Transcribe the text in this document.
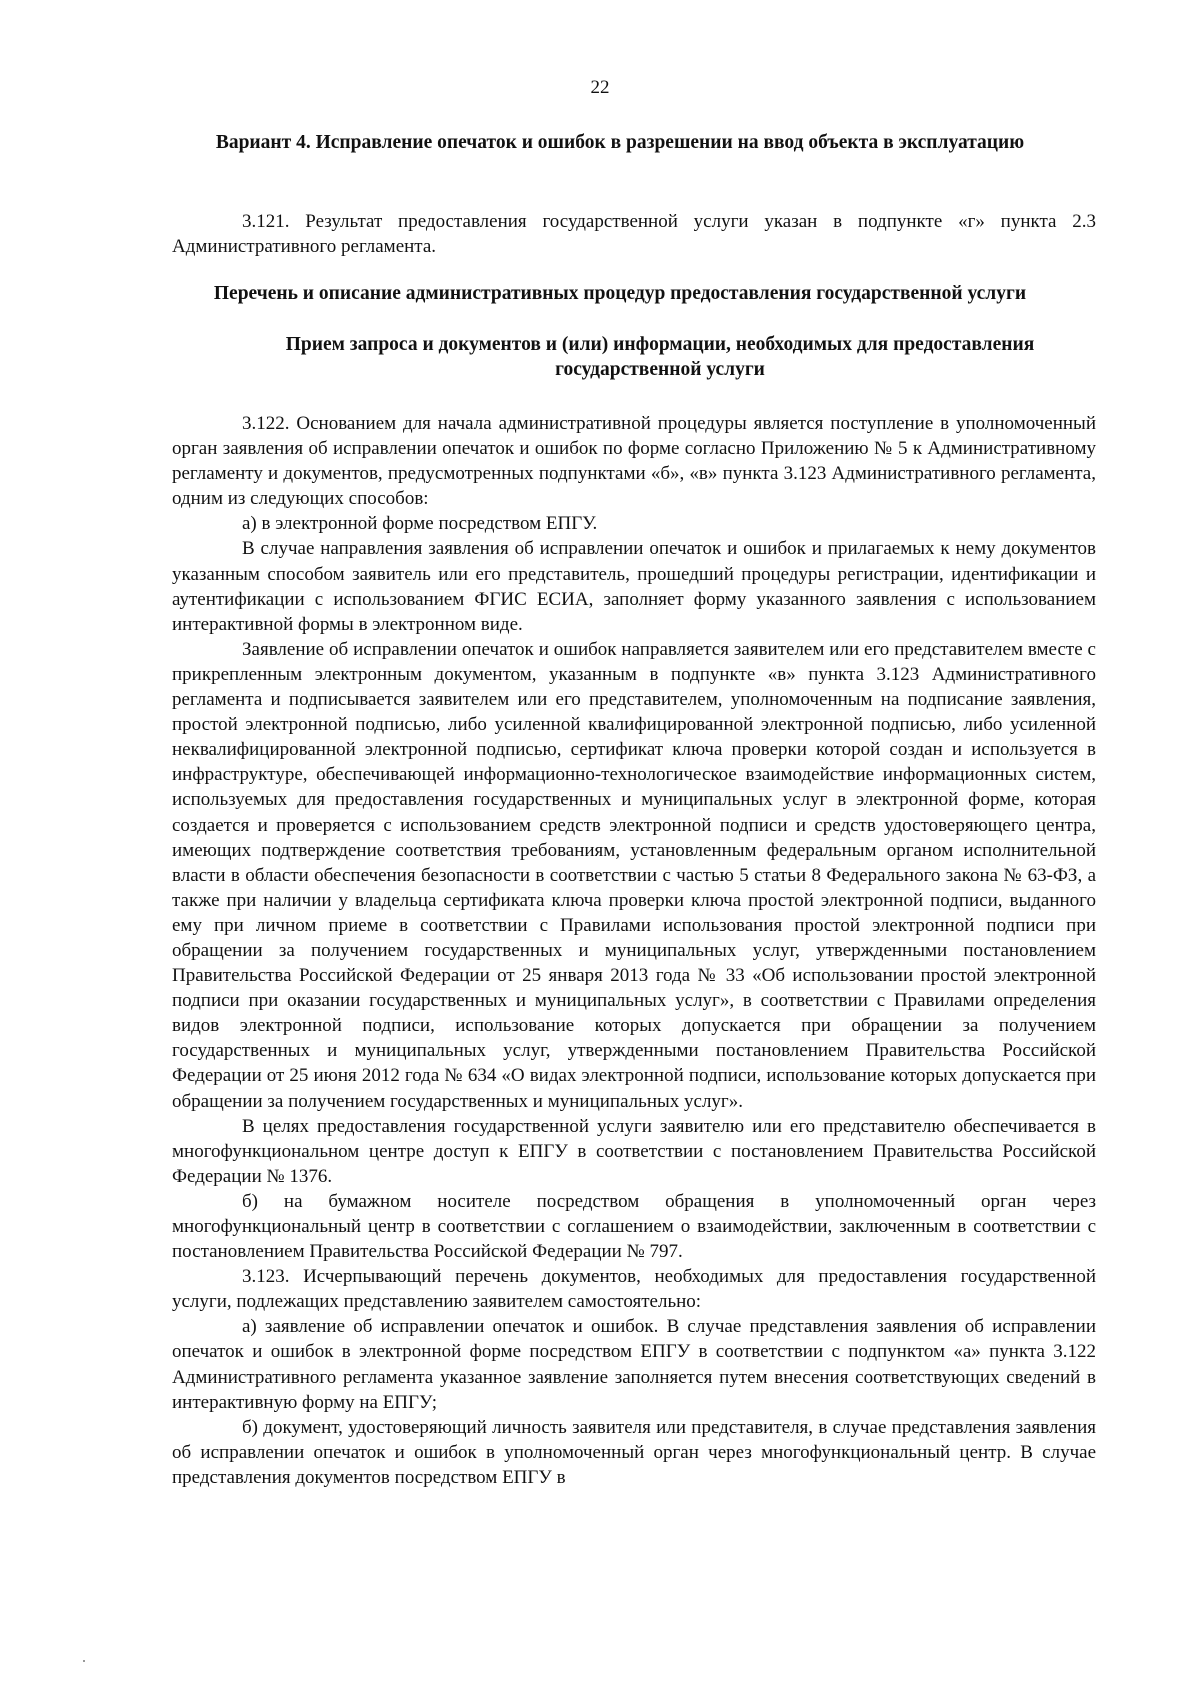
22
Вариант 4. Исправление опечаток и ошибок в разрешении на ввод объекта в эксплуатацию

3.121. Результат предоставления государственной услуги указан в подпункте «г» пункта 2.3 Административного регламента.

Перечень и описание административных процедур предоставления государственной услуги
Прием запроса и документов и (или) информации, необходимых для предоставления государственной услуги

3.122. Основанием для начала административной процедуры является поступление в уполномоченный орган заявления об исправлении опечаток и ошибок по форме согласно Приложению № 5 к Административному регламенту и документов, предусмотренных подпунктами «б», «в» пункта 3.123 Административного регламента, одним из следующих способов:

а) в электронной форме посредством ЕПГУ.

В случае направления заявления об исправлении опечаток и ошибок и прилагаемых к нему документов указанным способом заявитель или его представитель, прошедший процедуры регистрации, идентификации и аутентификации с использованием ФГИС ЕСИА, заполняет форму указанного заявления с использованием интерактивной формы в электронном виде.

Заявление об исправлении опечаток и ошибок направляется заявителем или его представителем вместе с прикрепленным электронным документом, указанным в подпункте «в» пункта 3.123 Административного регламента и подписывается заявителем или его представителем, уполномоченным на подписание заявления, простой электронной подписью, либо усиленной квалифицированной электронной подписью, либо усиленной неквалифицированной электронной подписью, сертификат ключа проверки которой создан и используется в инфраструктуре, обеспечивающей информационно-технологическое взаимодействие информационных систем, используемых для предоставления государственных и муниципальных услуг в электронной форме, которая создается и проверяется с использованием средств электронной подписи и средств удостоверяющего центра, имеющих подтверждение соответствия требованиям, установленным федеральным органом исполнительной власти в области обеспечения безопасности в соответствии с частью 5 статьи 8 Федерального закона № 63-ФЗ, а также при наличии у владельца сертификата ключа проверки ключа простой электронной подписи, выданного ему при личном приеме в соответствии с Правилами использования простой электронной подписи при обращении за получением государственных и муниципальных услуг, утвержденными постановлением Правительства Российской Федерации от 25 января 2013 года № 33 «Об использовании простой электронной подписи при оказании государственных и муниципальных услуг», в соответствии с Правилами определения видов электронной подписи, использование которых допускается при обращении за получением государственных и муниципальных услуг, утвержденными постановлением Правительства Российской Федерации от 25 июня 2012 года № 634 «О видах электронной подписи, использование которых допускается при обращении за получением государственных и муниципальных услуг».

В целях предоставления государственной услуги заявителю или его представителю обеспечивается в многофункциональном центре доступ к ЕПГУ в соответствии с постановлением Правительства Российской Федерации № 1376.

б) на бумажном носителе посредством обращения в уполномоченный орган через многофункциональный центр в соответствии с соглашением о взаимодействии, заключенным в соответствии с постановлением Правительства Российской Федерации № 797.

3.123. Исчерпывающий перечень документов, необходимых для предоставления государственной услуги, подлежащих представлению заявителем самостоятельно:

а) заявление об исправлении опечаток и ошибок. В случае представления заявления об исправлении опечаток и ошибок в электронной форме посредством ЕПГУ в соответствии с подпунктом «а» пункта 3.122 Административного регламента указанное заявление заполняется путем внесения соответствующих сведений в интерактивную форму на ЕПГУ;

б) документ, удостоверяющий личность заявителя или представителя, в случае представления заявления об исправлении опечаток и ошибок в уполномоченный орган через многофункциональный центр. В случае представления документов посредством ЕПГУ в
